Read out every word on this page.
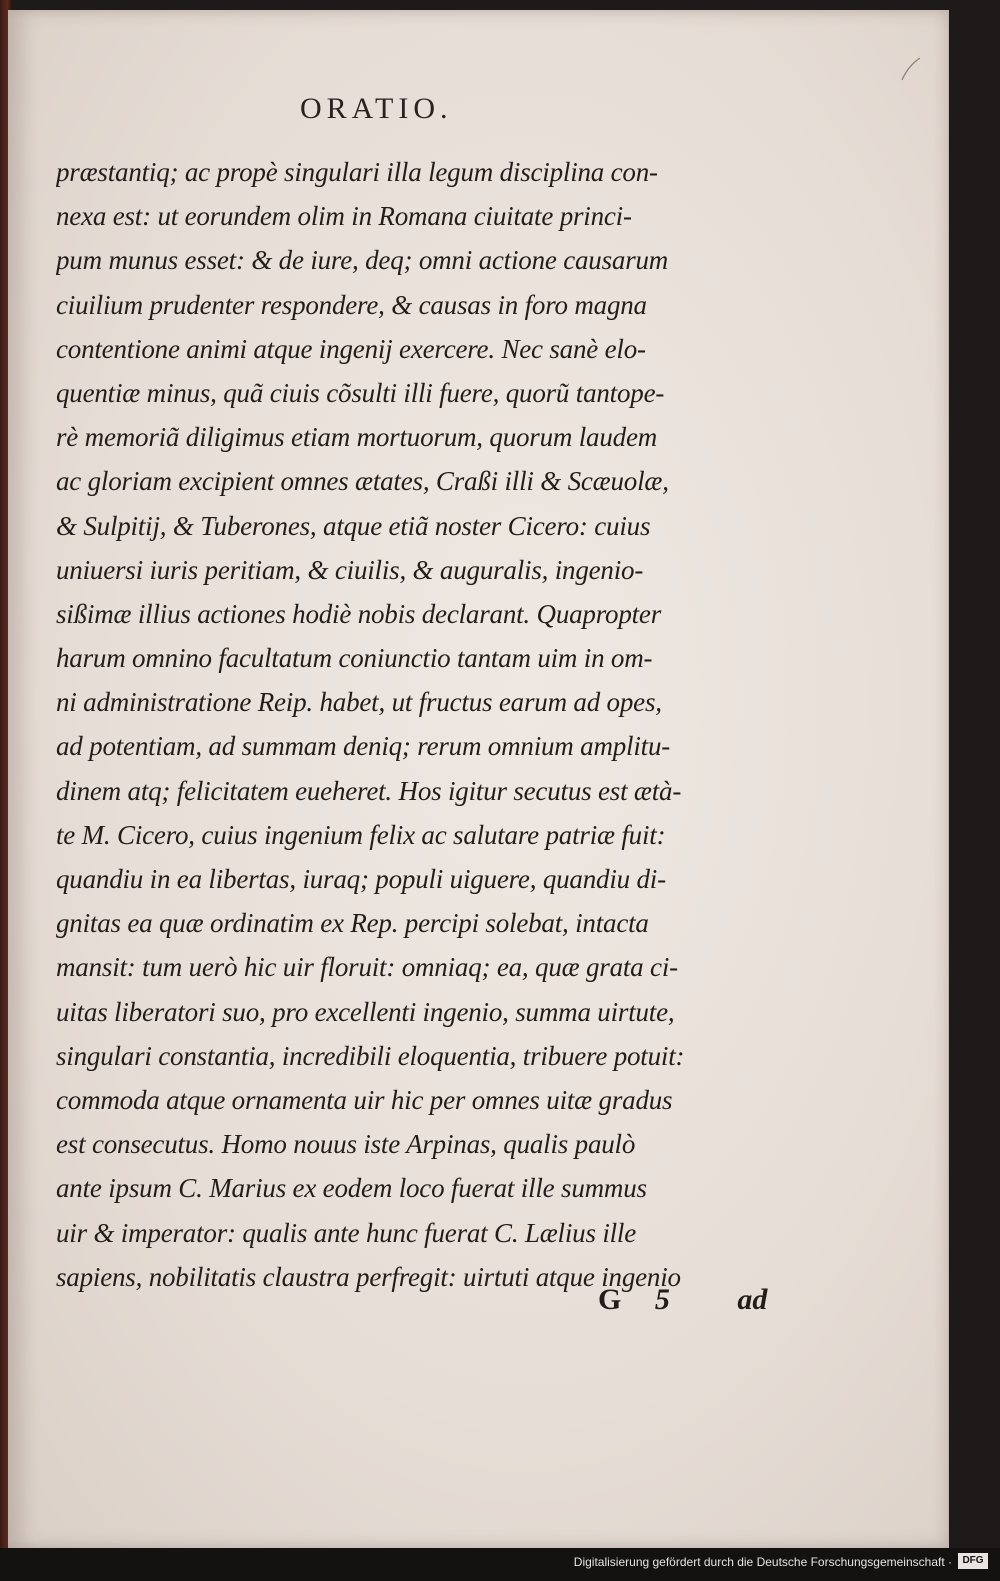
ORATIO.
præstantiq; ac propè singulari illa legum disciplina con-
nexa est: ut eorundem olim in Romana ciuitate princi-
pum munus esset: & de iure, deq; omni actione causarum
ciuilium prudenter respondere, & causas in foro magna
contentione animi atque ingenij exercere. Nec sanè elo-
quentiæ minus, quã ciuis cõsulti illi fuere, quorũ tantope-
rè memoriã diligimus etiam mortuorum, quorum laudem
ac gloriam excipient omnes ætates, Craßi illi & Scæuolæ,
& Sulpitij, & Tuberones, atque etiã noster Cicero: cuius
uniuersi iuris peritiam, & ciuilis, & auguralis, ingenio-
sißimæ illius actiones hodiè nobis declarant. Quapropter
harum omnino facultatum coniunctio tantam uim in om-
ni administratione Reip. habet, ut fructus earum ad opes,
ad potentiam, ad summam deniq; rerum omnium amplitu-
dinem atq; felicitatem eueheret. Hos igitur secutus est ætà-
te M. Cicero, cuius ingenium felix ac salutare patriæ fuit:
quandiu in ea libertas, iuraq; populi uiguere, quandiu di-
gnitas ea quæ ordinatim ex Rep. percipi solebat, intacta
mansit: tum uerò hic uir floruit: omniaq; ea, quæ grata ci-
uitas liberatori suo, pro excellenti ingenio, summa uirtute,
singulari constantia, incredibili eloquentia, tribuere potuit:
commoda atque ornamenta uir hic per omnes uitæ gradus
est consecutus. Homo nouus iste Arpinas, qualis paulò
ante ipsum C. Marius ex eodem loco fuerat ille summus
uir & imperator: qualis ante hunc fuerat C. Lælius ille
sapiens, nobilitatis claustra perfregit: uirtuti atque ingenio
G 5 ad
Digitalisierung gefördert durch die Deutsche Forschungsgemeinschaft ·	DFG
